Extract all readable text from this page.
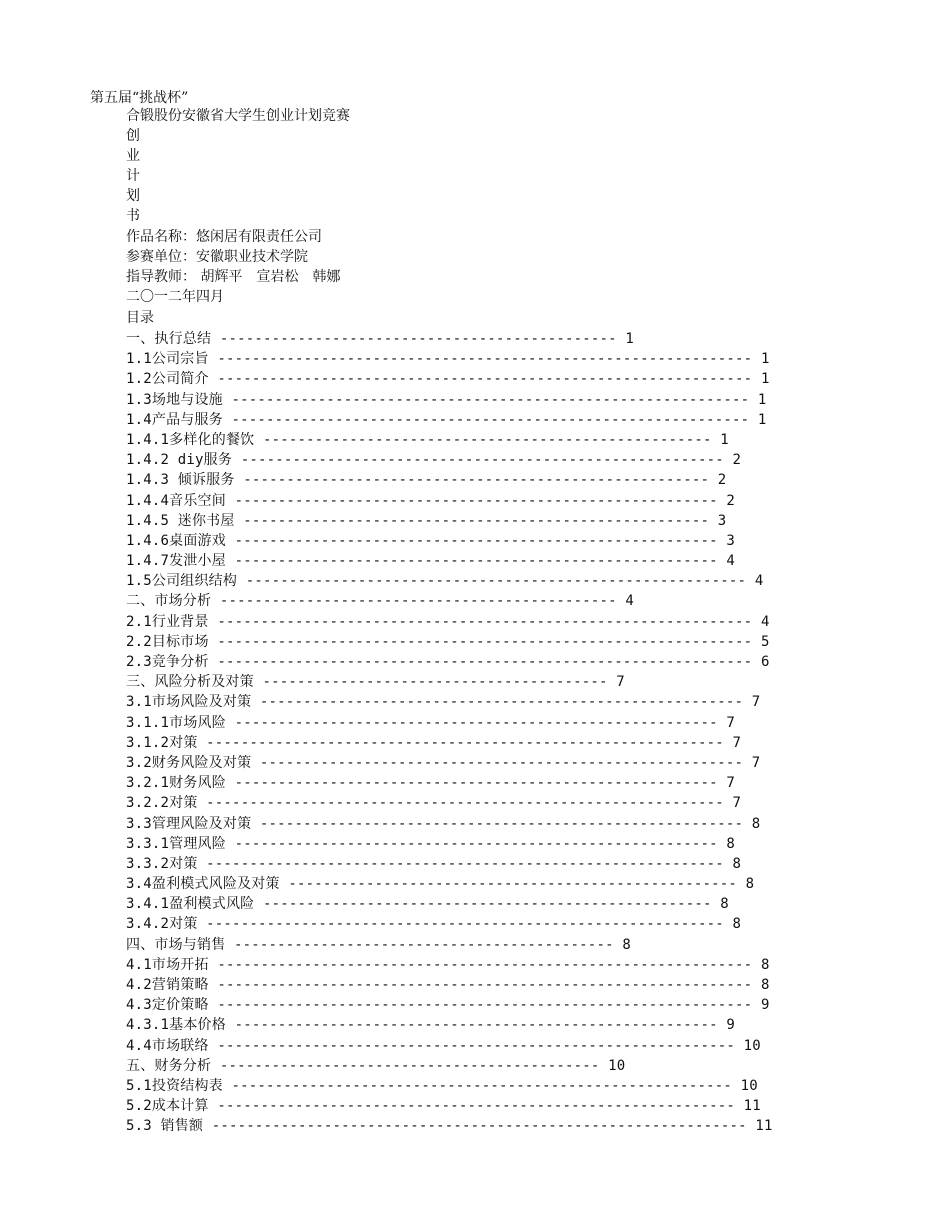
第五届“挑战杯”
合锻股份安徽省大学生创业计划竞赛
创
业
计
划
书
作品名称：悠闲居有限责任公司
参赛单位：安徽职业技术学院
指导教师： 胡辉平　宣岩松　韩娜
二〇一二年四月
目录
一、执行总结 ---------------------------------------------- 1
1.1公司宗旨 -------------------------------------------------------------- 1
1.2公司简介 -------------------------------------------------------------- 1
1.3场地与设施 ------------------------------------------------------------ 1
1.4产品与服务 ------------------------------------------------------------ 1
1.4.1多样化的餐饮 ---------------------------------------------------- 1
1.4.2 diy服务 -------------------------------------------------------- 2
1.4.3 倾诉服务 ------------------------------------------------------ 2
1.4.4音乐空间 -------------------------------------------------------- 2
1.4.5 迷你书屋 ------------------------------------------------------ 3
1.4.6桌面游戏 -------------------------------------------------------- 3
1.4.7发泄小屋 -------------------------------------------------------- 4
1.5公司组织结构 ---------------------------------------------------------- 4
二、市场分析 ---------------------------------------------- 4
2.1行业背景 -------------------------------------------------------------- 4
2.2目标市场 -------------------------------------------------------------- 5
2.3竞争分析 -------------------------------------------------------------- 6
三、风险分析及对策 ---------------------------------------- 7
3.1市场风险及对策 -------------------------------------------------------- 7
3.1.1市场风险 -------------------------------------------------------- 7
3.1.2对策 ------------------------------------------------------------ 7
3.2财务风险及对策 -------------------------------------------------------- 7
3.2.1财务风险 -------------------------------------------------------- 7
3.2.2对策 ------------------------------------------------------------ 7
3.3管理风险及对策 -------------------------------------------------------- 8
3.3.1管理风险 -------------------------------------------------------- 8
3.3.2对策 ------------------------------------------------------------ 8
3.4盈利模式风险及对策 ---------------------------------------------------- 8
3.4.1盈利模式风险 ---------------------------------------------------- 8
3.4.2对策 ------------------------------------------------------------ 8
四、市场与销售 -------------------------------------------- 8
4.1市场开拓 -------------------------------------------------------------- 8
4.2营销策略 -------------------------------------------------------------- 8
4.3定价策略 -------------------------------------------------------------- 9
4.3.1基本价格 -------------------------------------------------------- 9
4.4市场联络 ------------------------------------------------------------ 10
五、财务分析 -------------------------------------------- 10
5.1投资结构表 ---------------------------------------------------------- 10
5.2成本计算 ------------------------------------------------------------ 11
5.3 销售额 -------------------------------------------------------------- 11
